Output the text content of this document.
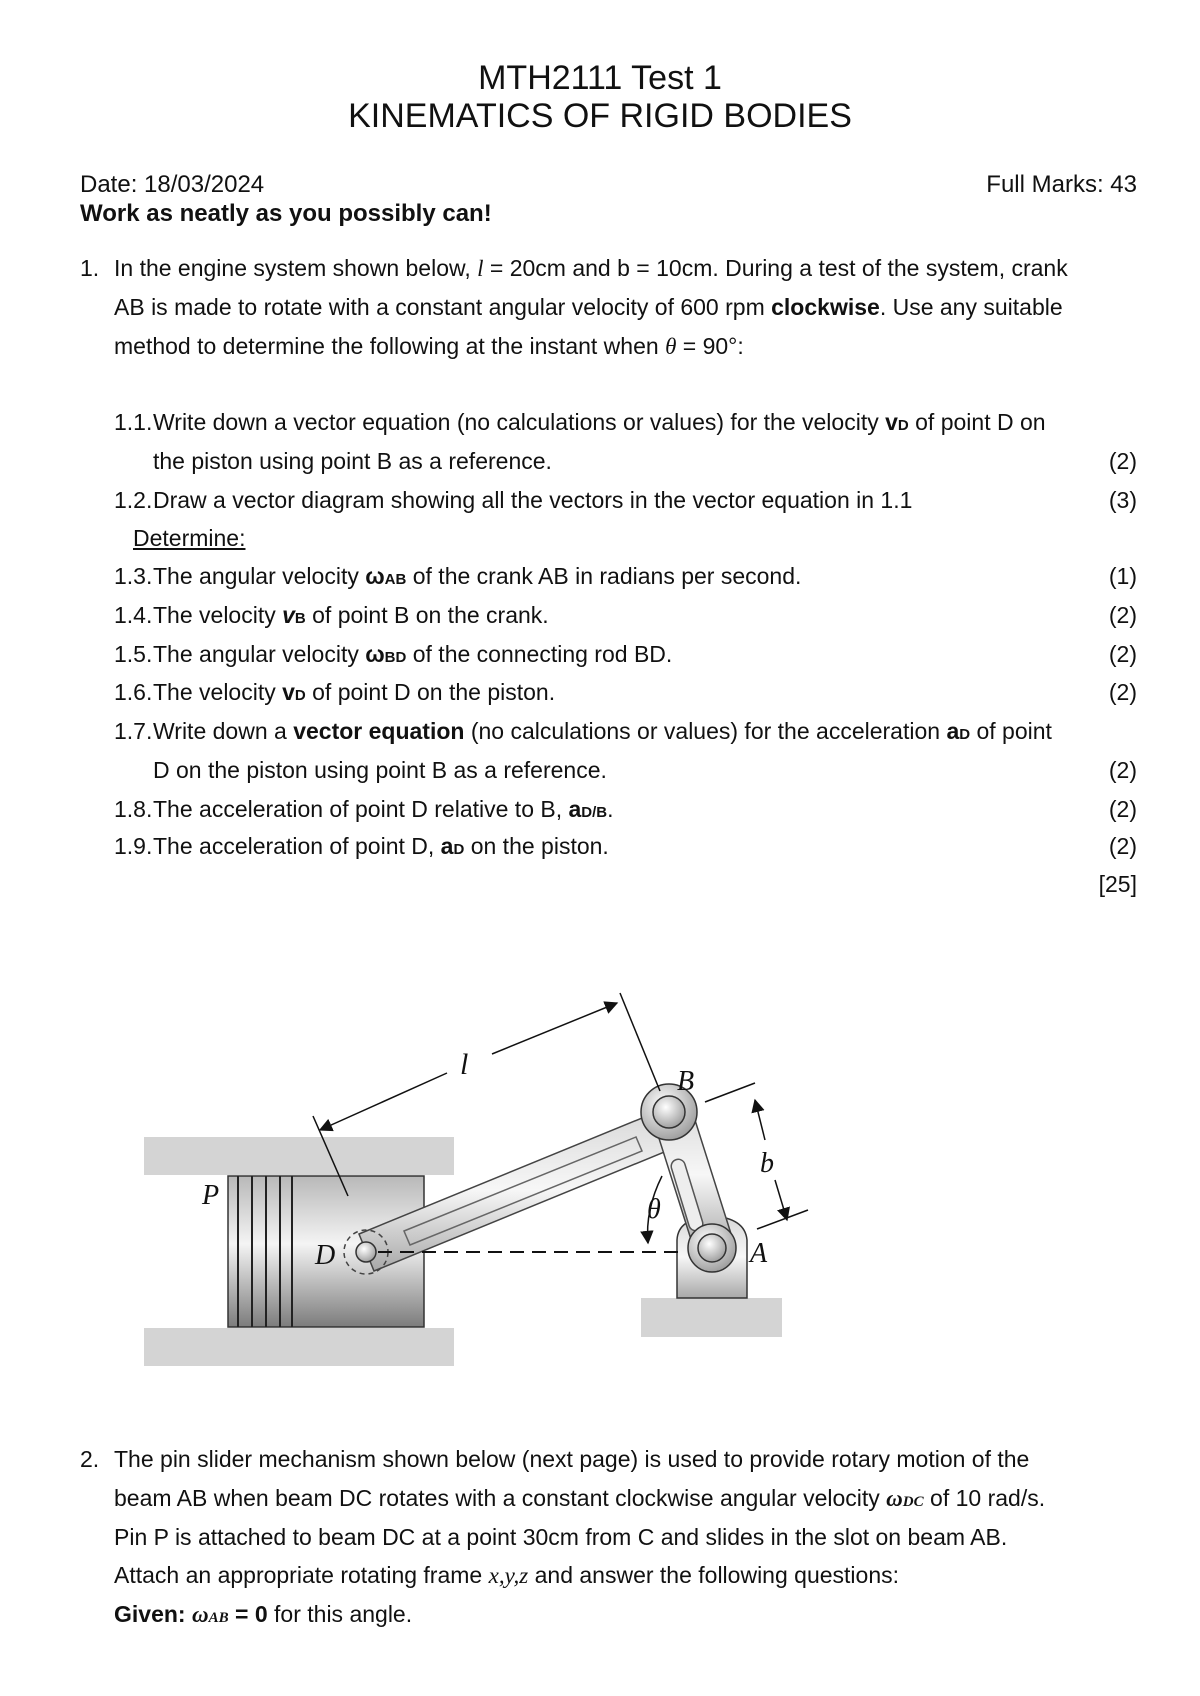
MTH2111 Test 1
KINEMATICS OF RIGID BODIES
Date: 18/03/2024	Full Marks: 43
Work as neatly as you possibly can!
1. In the engine system shown below, l = 20cm and b = 10cm. During a test of the system, crank
AB is made to rotate with a constant angular velocity of 600 rpm clockwise. Use any suitable
method to determine the following at the instant when θ = 90°:
1.1. Write down a vector equation (no calculations or values) for the velocity vD of point D on
the piston using point B as a reference.	(2)
1.2. Draw a vector diagram showing all the vectors in the vector equation in 1.1	(3)
Determine:
1.3. The angular velocity ωAB of the crank AB in radians per second.	(1)
1.4. The velocity vB of point B on the crank.	(2)
1.5. The angular velocity ωBD of the connecting rod BD.	(2)
1.6. The velocity vD of point D on the piston.	(2)
1.7. Write down a vector equation (no calculations or values) for the acceleration aD of point
D on the piston using point B as a reference.	(2)
1.8. The acceleration of point D relative to B, aD/B.	(2)
1.9. The acceleration of point D, aD on the piston.	(2)
[25]
l
B
b
P	θ
D	A
2. The pin slider mechanism shown below (next page) is used to provide rotary motion of the
beam AB when beam DC rotates with a constant clockwise angular velocity ωDC of 10 rad/s.
Pin P is attached to beam DC at a point 30cm from C and slides in the slot on beam AB.
Attach an appropriate rotating frame x,y,z and answer the following questions:
Given: ωAB = 0 for this angle.
